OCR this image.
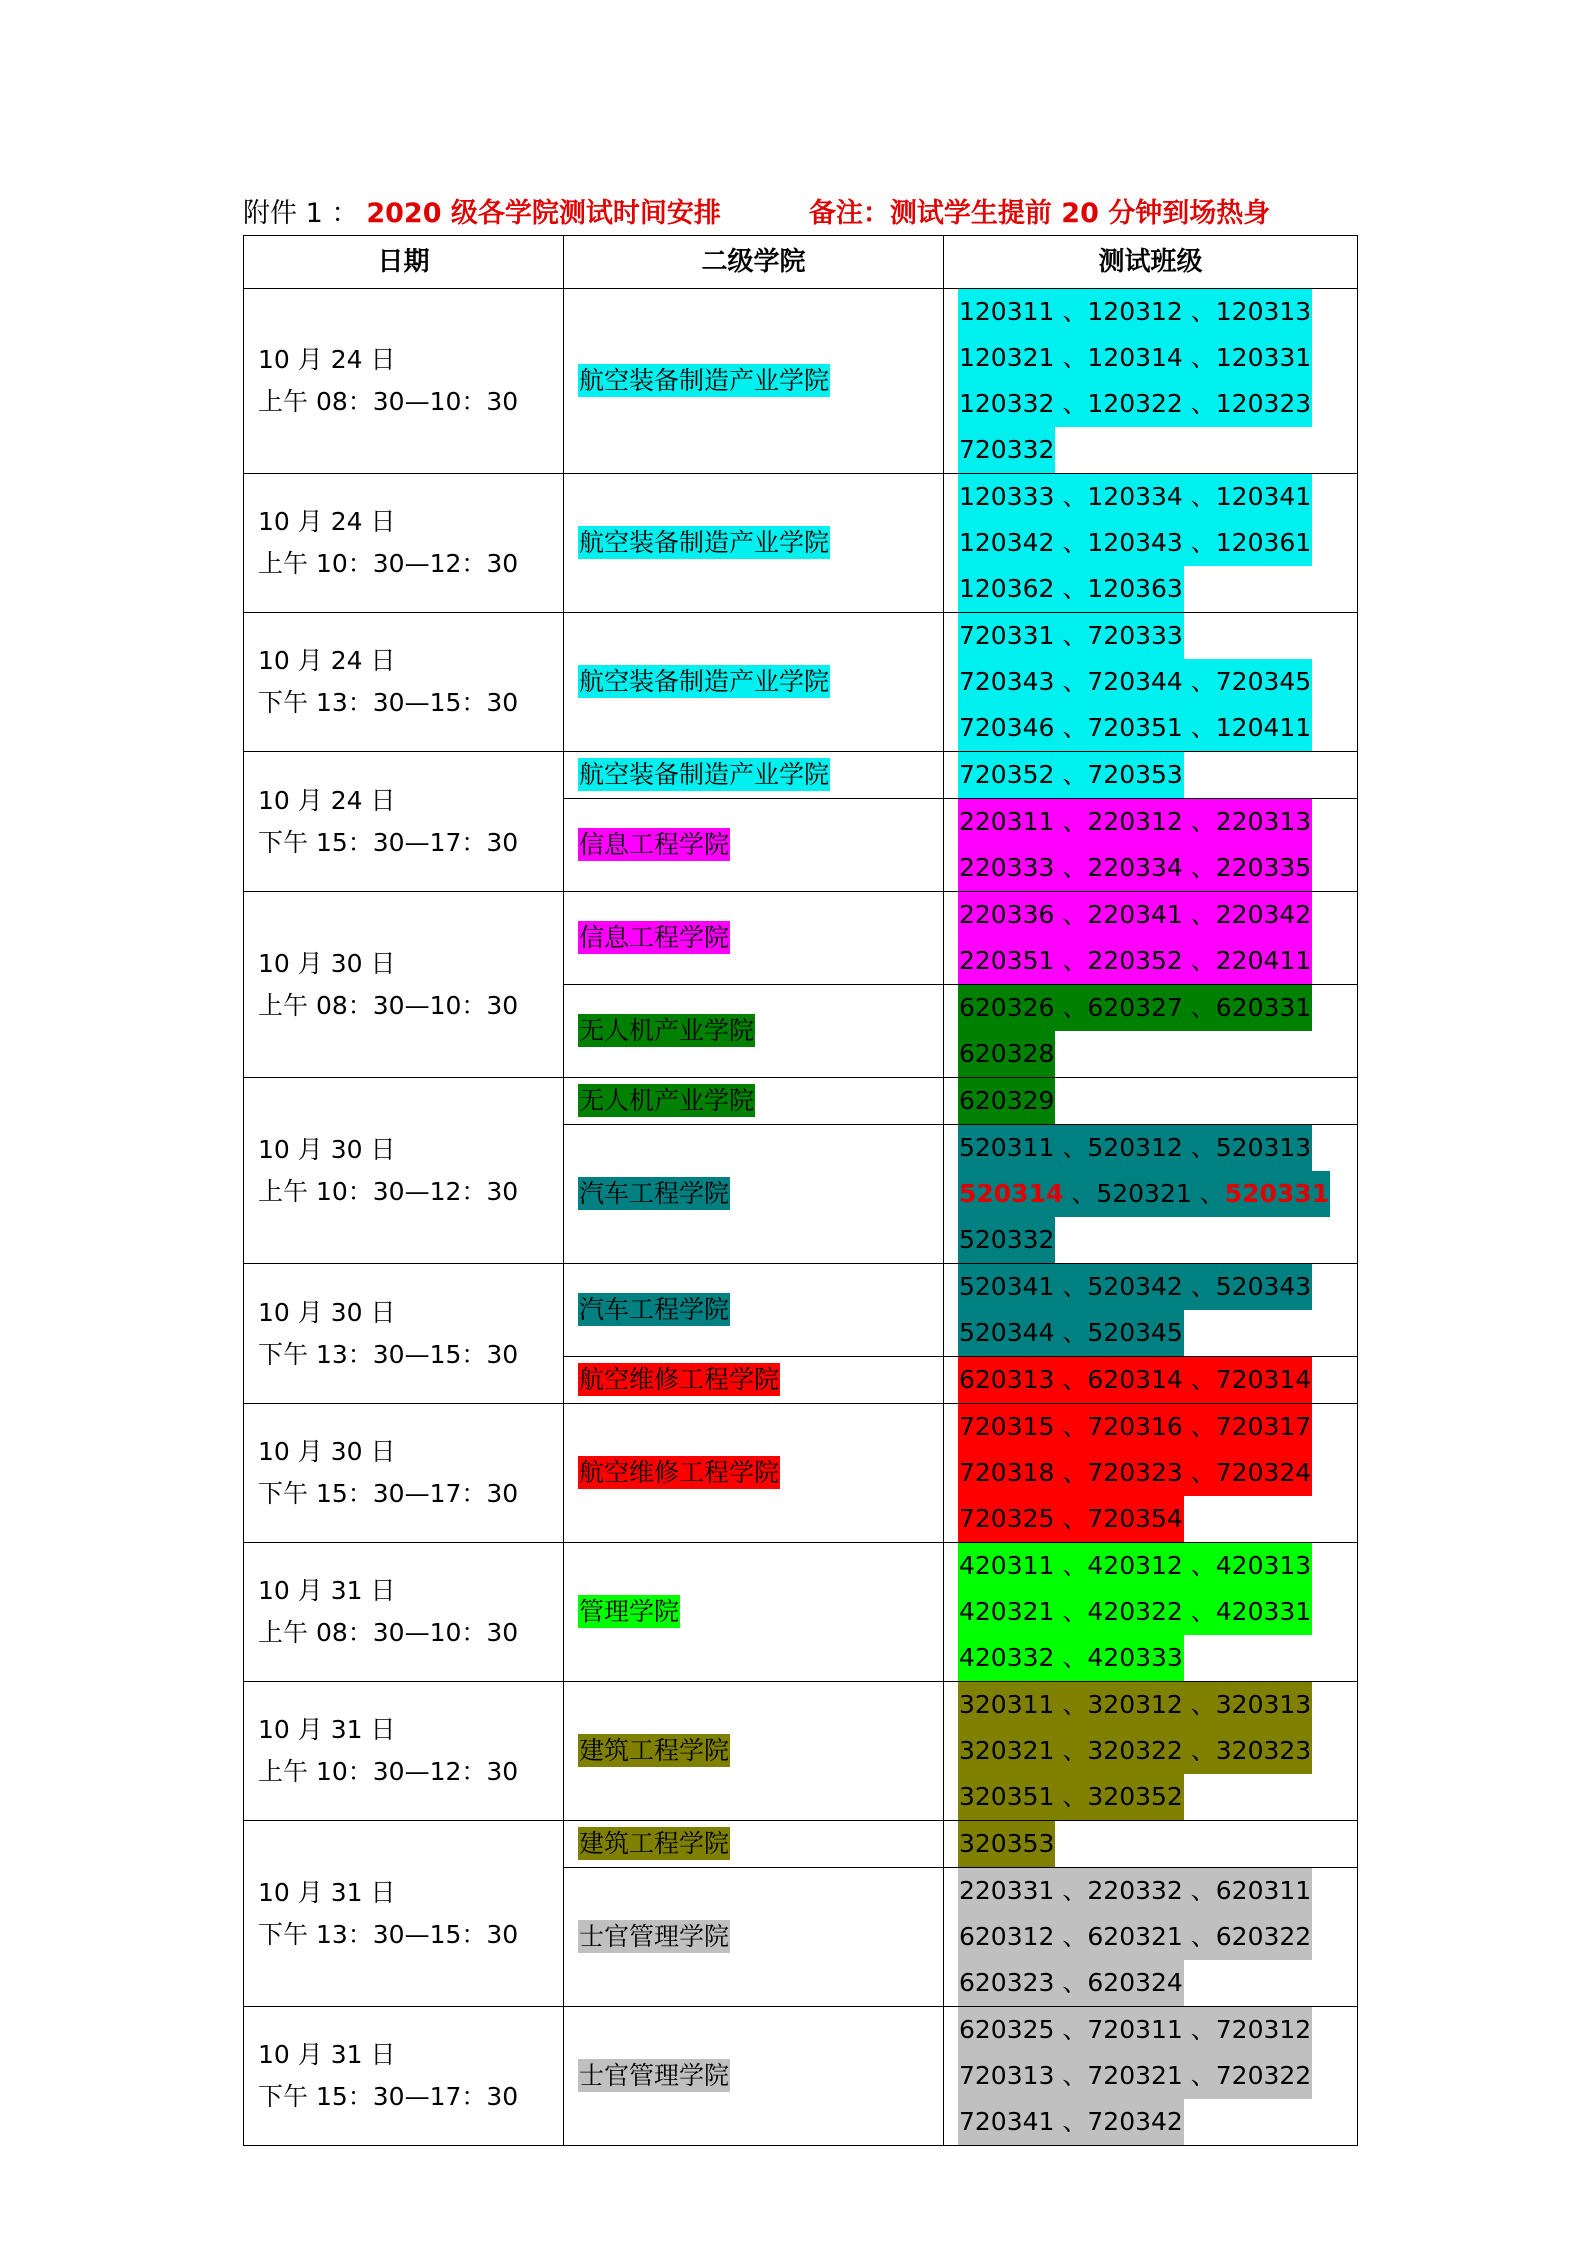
附件 1 ： 2020 级各学院测试时间安排	备注：测试学生提前 20 分钟到场热身
日期	二级学院	测试班级

10 月 24 日
上午 08：30—10：30	航空装备制造产业学院	120311 、120312 、120313
120321 、120314 、120331
120332 、120322 、120323
720332

10 月 24 日
上午 10：30—12：30	航空装备制造产业学院	120333 、120334 、120341
120342 、120343 、120361
120362 、120363

10 月 24 日
下午 13：30—15：30	航空装备制造产业学院	720331 、720333
720343 、720344 、720345
720346 、720351 、120411

10 月 24 日
下午 15：30—17：30	航空装备制造产业学院	720352 、720353

	信息工程学院	220311 、220312 、220313
220333 、220334 、220335

10 月 30 日
上午 08：30—10：30	信息工程学院	220336 、220341 、220342
220351 、220352 、220411

	无人机产业学院	620326 、620327 、620331
620328

10 月 30 日
上午 10：30—12：30	无人机产业学院	620329

	汽车工程学院	520311 、520312 、520313
520314 、520321 、520331
520332

10 月 30 日
下午 13：30—15：30	汽车工程学院	520341 、520342 、520343
520344 、520345

	航空维修工程学院	620313 、620314 、720314

10 月 30 日
下午 15：30—17：30	航空维修工程学院	720315 、720316 、720317
720318 、720323 、720324
720325 、720354

10 月 31 日
上午 08：30—10：30	管理学院	420311 、420312 、420313
420321 、420322 、420331
420332 、420333

10 月 31 日
上午 10：30—12：30	建筑工程学院	320311 、320312 、320313
320321 、320322 、320323
320351 、320352

10 月 31 日
下午 13：30—15：30	建筑工程学院	320353

	士官管理学院	220331 、220332 、620311
620312 、620321 、620322
620323 、620324

10 月 31 日
下午 15：30—17：30	士官管理学院	620325 、720311 、720312
720313 、720321 、720322
720341 、720342
